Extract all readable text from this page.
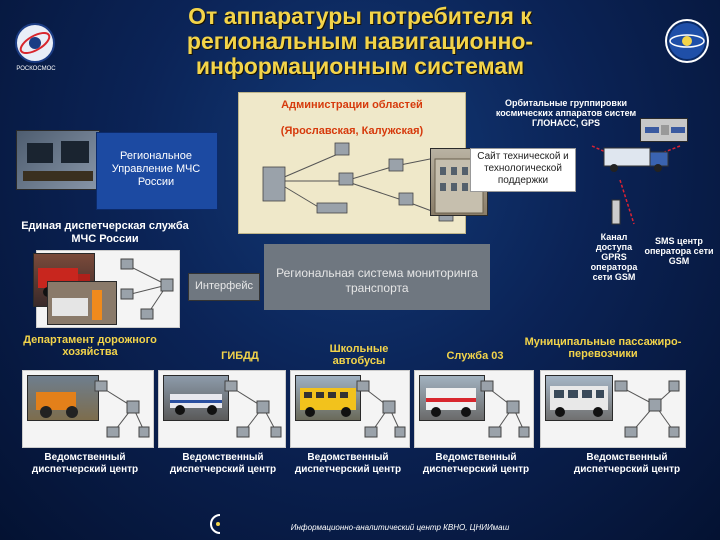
От аппаратуры потребителя к региональным навигационно-информационным системам
РОСКОСМОС
Региональное Управление МЧС России
Администрации областей
(Ярославская, Калужская)
Орбитальные группировки космических аппаратов систем ГЛОНАСС, GPS
Сайт технической и технологической поддержки
Единая диспетчерская служба МЧС России
Интерфейс
Региональная система мониторинга транспорта
Канал доступа GPRS оператора сети GSM
SMS центр оператора сети GSM
Департамент дорожного хозяйства	ГИБДД
Школьные автобусы	Служба 03
Муниципальные пассажиро-перевозчики
Ведомственный диспетчерский центр
Ведомственный диспетчерский центр
Ведомственный диспетчерский центр
Ведомственный диспетчерский центр
Ведомственный диспетчерский центр
Информационно-аналитический центр КВНО, ЦНИИмаш
